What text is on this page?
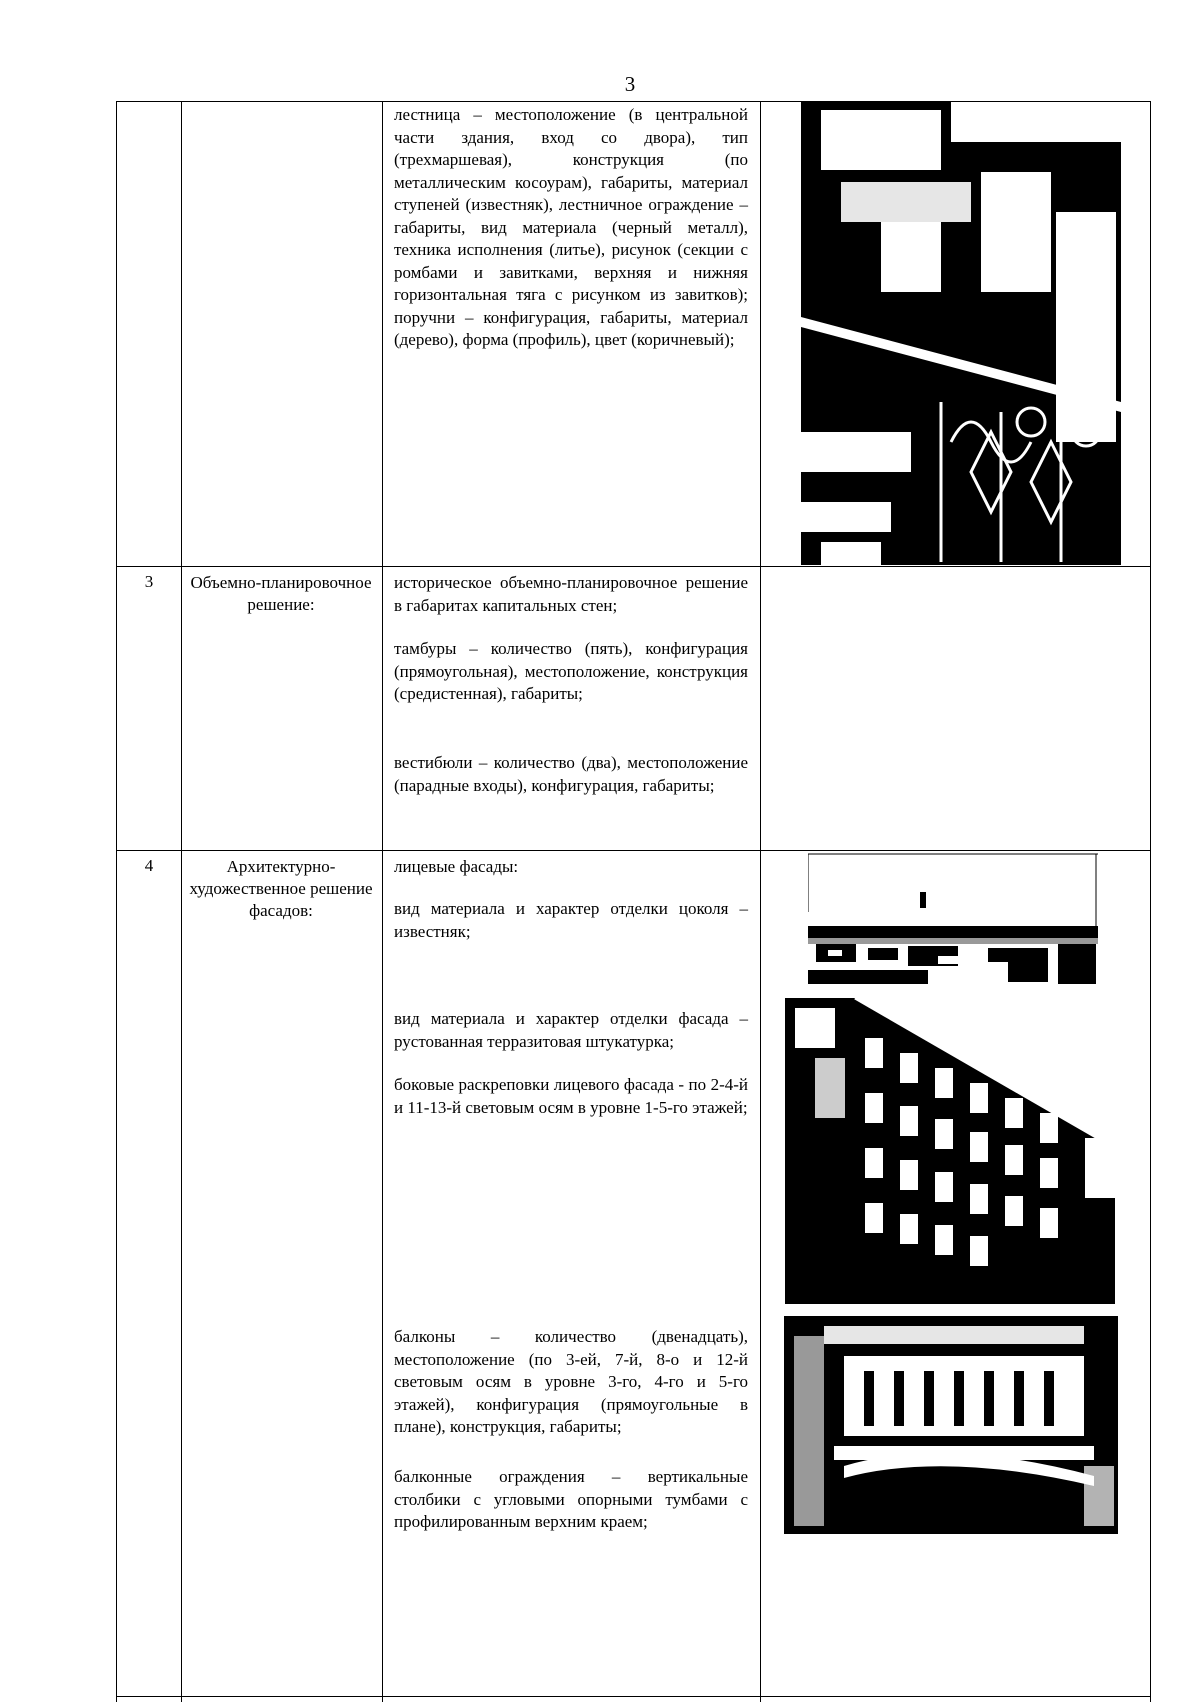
3
лестница – местоположение (в центральной части здания, вход со двора), тип (трехмаршевая), конструкция (по металлическим косоурам), габариты, материал ступеней (известняк), лестничное ограждение – габариты, вид материала (черный металл), техника исполнения (литье), рисунок (секции с ромбами и завитками, верхняя и нижняя горизонтальная тяга с рисунком из завитков); поручни – конфигурация, габариты, материал (дерево), форма (профиль), цвет (коричневый);
3	Объемно-планировочное решение:
историческое объемно-планировочное решение в габаритах капитальных стен;
тамбуры – количество (пять), конфигурация (прямоугольная), местоположение, конструкция (средистенная), габариты;
вестибюли – количество (два), местоположение (парадные входы), конфигурация, габариты;
4	Архитектурно-художественное решение фасадов:
лицевые фасады:
вид материала и характер отделки цоколя – известняк;
вид материала и характер отделки фасада – рустованная терразитовая штукатурка;
боковые раскреповки лицевого фасада - по 2-4-й и 11-13-й световым осям в уровне 1-5-го этажей;
балконы – количество (двенадцать), местоположение (по 3-ей, 7-й, 8-о и 12-й световым осям в уровне 3-го, 4-го и 5-го этажей), конфигурация (прямоугольные в плане), конструкция, габариты;
балконные ограждения – вертикальные столбики с угловыми опорными тумбами с профилированным верхним краем;
